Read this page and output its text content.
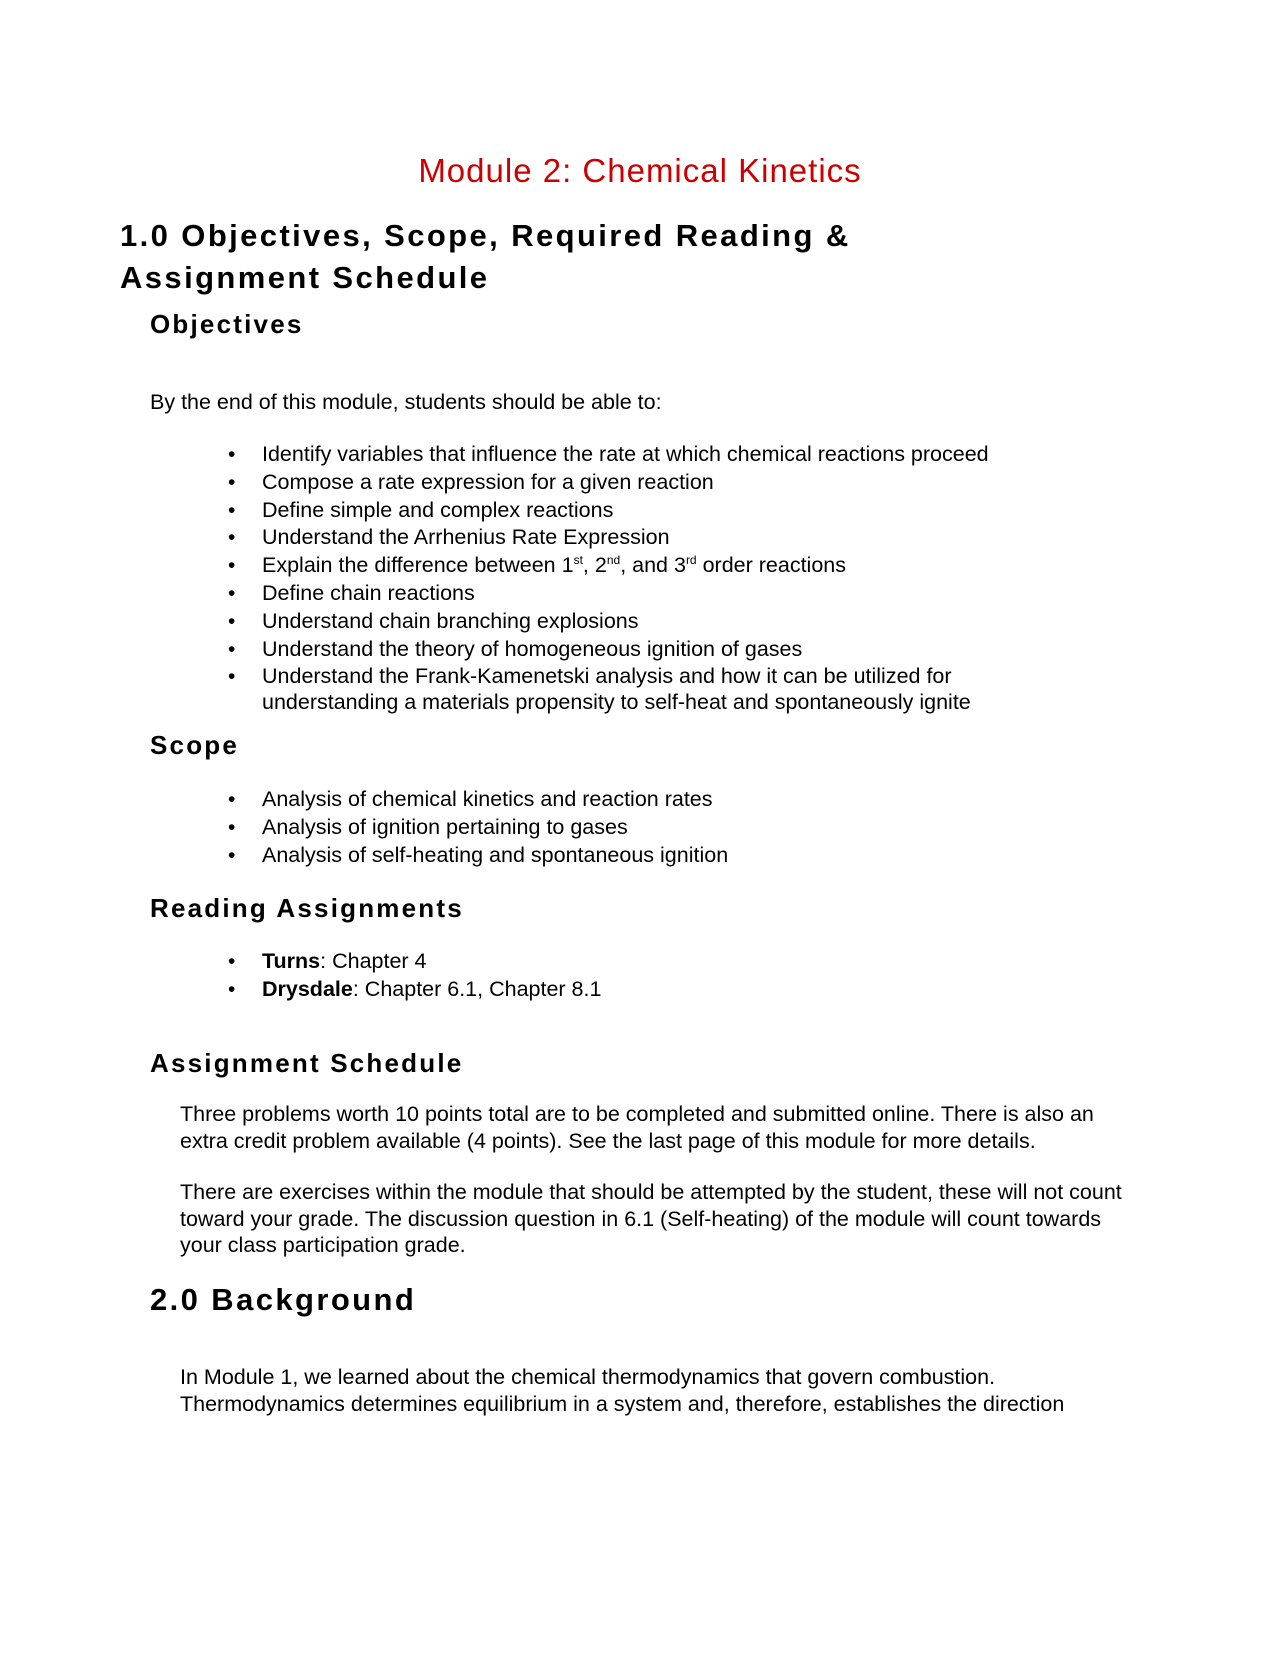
Module 2: Chemical Kinetics
1.0 Objectives, Scope, Required Reading &
Assignment Schedule
Objectives

By the end of this module, students should be able to:

•
Identify variables that influence the rate at which chemical reactions proceed
•
Compose a rate expression for a given reaction
•
Define simple and complex reactions
•
Understand the Arrhenius Rate Expression
•
Explain the difference between 1st, 2nd, and 3rd order reactions
•
Define chain reactions
•
Understand chain branching explosions
•
Understand the theory of homogeneous ignition of gases
•
Understand the Frank-Kamenetski analysis and how it can be utilized for understanding a materials propensity to self-heat and spontaneously ignite
Scope
•
Analysis of chemical kinetics and reaction rates
•
Analysis of ignition pertaining to gases
•
Analysis of self-heating and spontaneous ignition
Reading Assignments
•
Turns: Chapter 4
•
Drysdale: Chapter 6.1, Chapter 8.1
Assignment Schedule

Three problems worth 10 points total are to be completed and submitted online. There is also an extra credit problem available (4 points). See the last page of this module for more details.

There are exercises within the module that should be attempted by the student, these will not count toward your grade. The discussion question in 6.1 (Self-heating) of the module will count towards your class participation grade.

2.0 Background

In Module 1, we learned about the chemical thermodynamics that govern combustion. Thermodynamics determines equilibrium in a system and, therefore, establishes the direction
